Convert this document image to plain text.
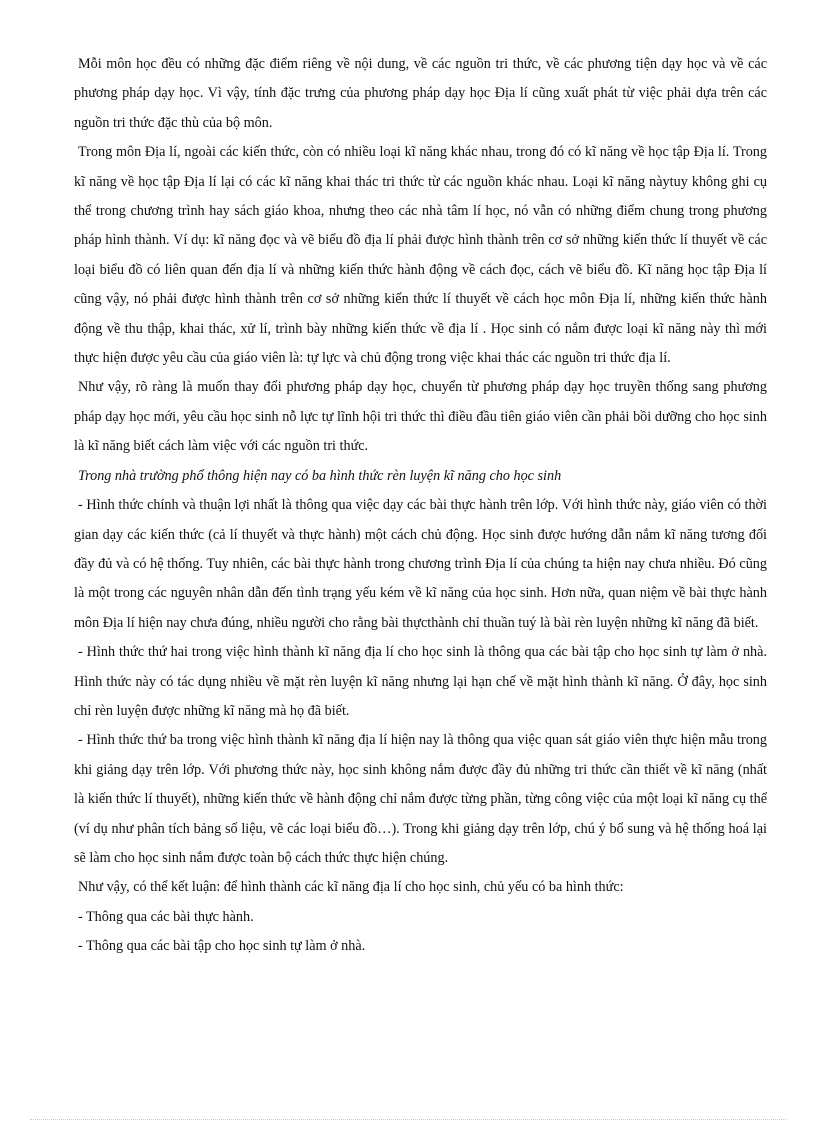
Mỗi môn học đều có những đặc điểm riêng về nội dung, về các nguồn tri thức, về các phương tiện dạy học và về các phương pháp dạy học. Vì vậy, tính đặc trưng của phương pháp dạy học Địa lí cũng xuất phát từ việc phải dựa trên các nguồn tri thức đặc thù của bộ môn.

Trong môn Địa lí, ngoài các kiến thức, còn có nhiều loại kĩ năng khác nhau, trong đó có kĩ năng về học tập Địa lí. Trong kĩ năng về học tập Địa lí lại có các kĩ năng khai thác tri thức từ các nguồn khác nhau. Loại kĩ năng nàytuy không ghi cụ thể trong chương trình hay sách giáo khoa, nhưng theo các nhà tâm lí học, nó vẫn có những điểm chung trong phương pháp hình thành. Ví dụ: kĩ năng đọc và vẽ biểu đồ địa lí phải được hình thành trên cơ sở những kiến thức lí thuyết về các loại biểu đồ có liên quan đến địa lí và những kiến thức hành động về cách đọc, cách vẽ biểu đồ. Kĩ năng học tập Địa lí cũng vậy, nó phải được hình thành trên cơ sở những kiến thức lí thuyết về cách học môn Địa lí, những kiến thức hành động về thu thập, khai thác, xử lí, trình bày những kiến thức về địa lí . Học sinh có nắm được loại kĩ năng này thì mới thực hiện được yêu cầu của giáo viên là: tự lực và chủ động trong việc khai thác các nguồn tri thức địa lí.

Như vậy, rõ ràng là muốn thay đổi phương pháp dạy học, chuyển từ phương pháp dạy học truyền thống sang phương pháp dạy học mới, yêu cầu học sinh nỗ lực tự lĩnh hội tri thức thì điều đầu tiên giáo viên cần phải bồi dưỡng cho học sinh là kĩ năng biết cách làm việc với các nguồn tri thức.

Trong nhà trường phổ thông hiện nay có ba hình thức rèn luyện kĩ năng cho học sinh

- Hình thức chính và thuận lợi nhất là thông qua việc dạy các bài thực hành trên lớp. Với hình thức này, giáo viên có thời gian dạy các kiến thức (cả lí thuyết và thực hành) một cách chủ động. Học sinh được hướng dẫn nắm kĩ năng tương đối đầy đủ và có hệ thống. Tuy nhiên, các bài thực hành trong chương trình Địa lí của chúng ta hiện nay chưa nhiều. Đó cũng là một trong các nguyên nhân dẫn đến tình trạng yếu kém về kĩ năng của học sinh. Hơn nữa, quan niệm về bài thực hành môn Địa lí hiện nay chưa đúng, nhiều người cho rằng bài thựcthành chỉ thuần tuý là bài rèn luyện những kĩ năng đã biết.

- Hình thức thứ hai trong việc hình thành kĩ năng địa lí cho học sinh là thông qua các bài tập cho học sinh tự làm ở nhà. Hình thức này có tác dụng nhiều về mặt rèn luyện kĩ năng nhưng lại hạn chế về mặt hình thành kĩ năng. Ở đây, học sinh chỉ rèn luyện được những kĩ năng mà họ đã biết.

- Hình thức thứ ba trong việc hình thành kĩ năng địa lí hiện nay là thông qua việc quan sát giáo viên thực hiện mẫu trong khi giảng dạy trên lớp. Với phương thức này, học sinh không nắm được đầy đủ những tri thức cần thiết về kĩ năng (nhất là kiến thức lí thuyết), những kiến thức về hành động chỉ nắm được từng phần, từng công việc của một loại kĩ năng cụ thể (ví dụ như phân tích bảng số liệu, vẽ các loại biểu đồ…). Trong khi giảng dạy trên lớp, chú ý bổ sung và hệ thống hoá lại sẽ làm cho học sinh nắm được toàn bộ cách thức thực hiện chúng.

Như vậy, có thể kết luận: để hình thành các kĩ năng địa lí cho học sinh, chủ yếu có ba hình thức:

- Thông qua các bài thực hành.

- Thông qua các bài tập cho học sinh tự làm ở nhà.
